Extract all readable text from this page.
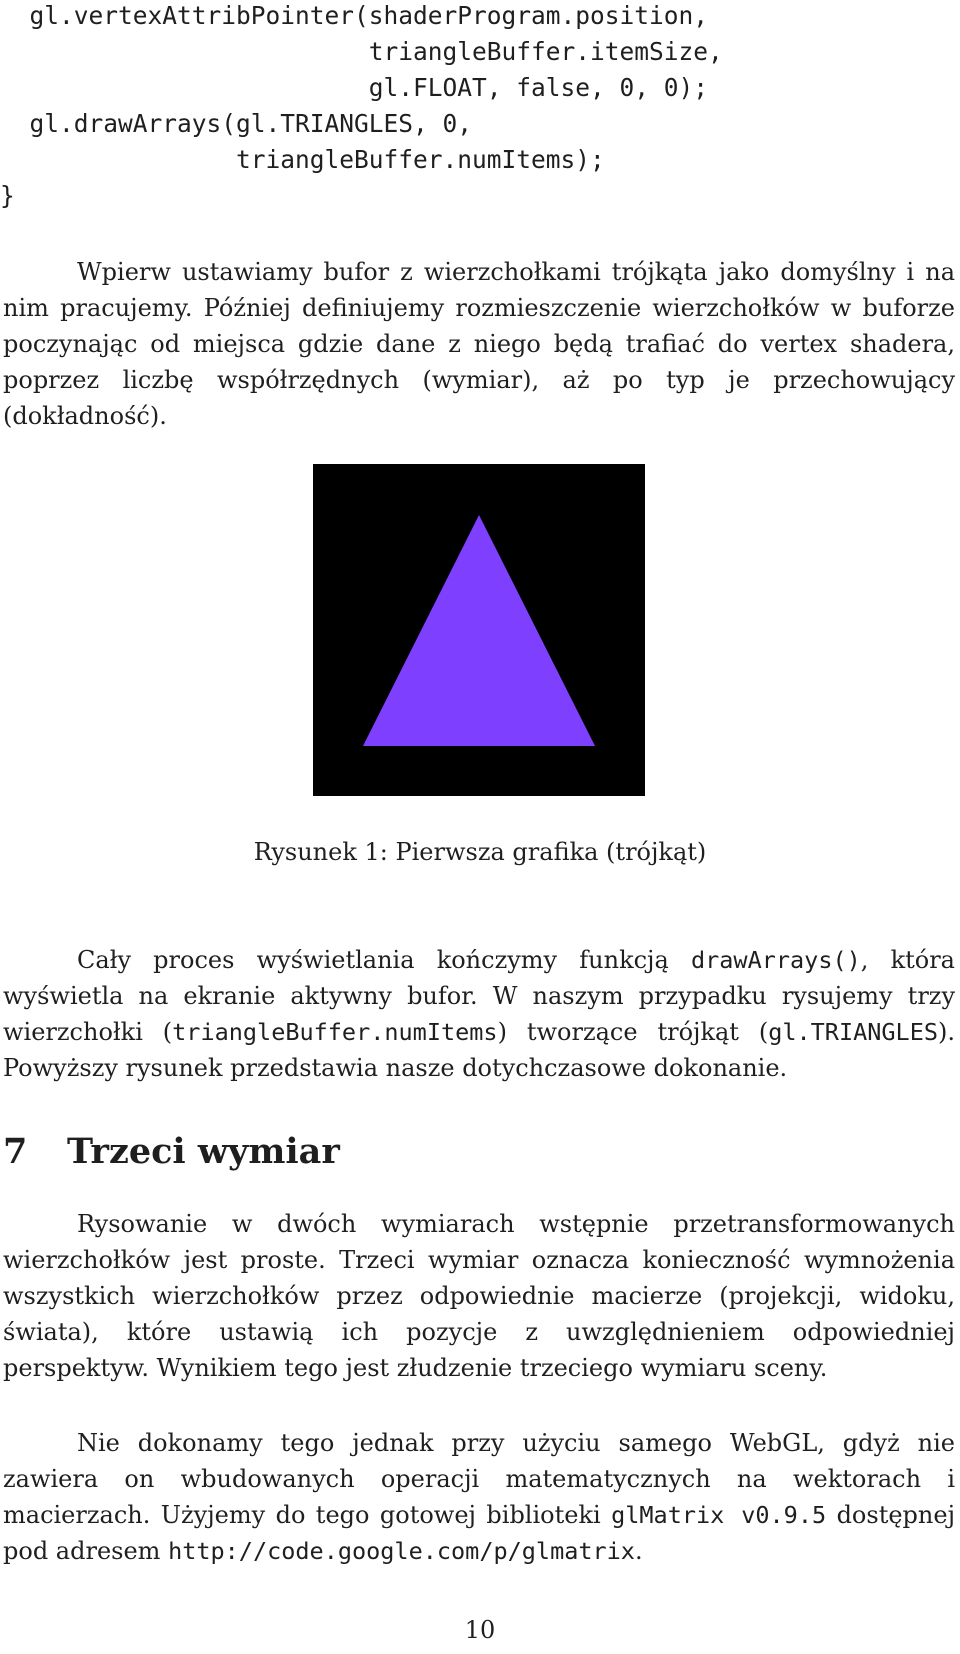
gl.vertexAttribPointer(shaderProgram.position,
triangleBuffer.itemSize,
gl.FLOAT, false, 0, 0);
gl.drawArrays(gl.TRIANGLES, 0,
triangleBuffer.numItems);
}

Wpierw ustawiamy bufor z wierzchołkami trójkąta jako domyślny i na nim pracujemy. Później definiujemy rozmieszczenie wierzchołków w buforze poczynając od miejsca gdzie dane z niego będą trafiać do vertex shadera, poprzez liczbę współrzędnych (wymiar), aż po typ je przechowujący (dokładność).

Rysunek 1: Pierwsza grafika (trójkąt)

Cały proces wyświetlania kończymy funkcją drawArrays(), która wyświetla na ekranie aktywny bufor. W naszym przypadku rysujemy trzy wierzchołki (triangleBuffer.numItems) tworzące trójkąt (gl.TRIANGLES). Powyższy rysunek przedstawia nasze dotychczasowe dokonanie.

7 Trzeci wymiar

Rysowanie w dwóch wymiarach wstępnie przetransformowanych wierzchołków jest proste. Trzeci wymiar oznacza konieczność wymnożenia wszystkich wierzchołków przez odpowiednie macierze (projekcji, widoku, świata), które ustawią ich pozycje z uwzględnieniem odpowiedniej perspektyw. Wynikiem tego jest złudzenie trzeciego wymiaru sceny.

Nie dokonamy tego jednak przy użyciu samego WebGL, gdyż nie zawiera on wbudowanych operacji matematycznych na wektorach i macierzach. Użyjemy do tego gotowej biblioteki glMatrix v0.9.5 dostępnej pod adresem http://code.google.com/p/glmatrix.

10
